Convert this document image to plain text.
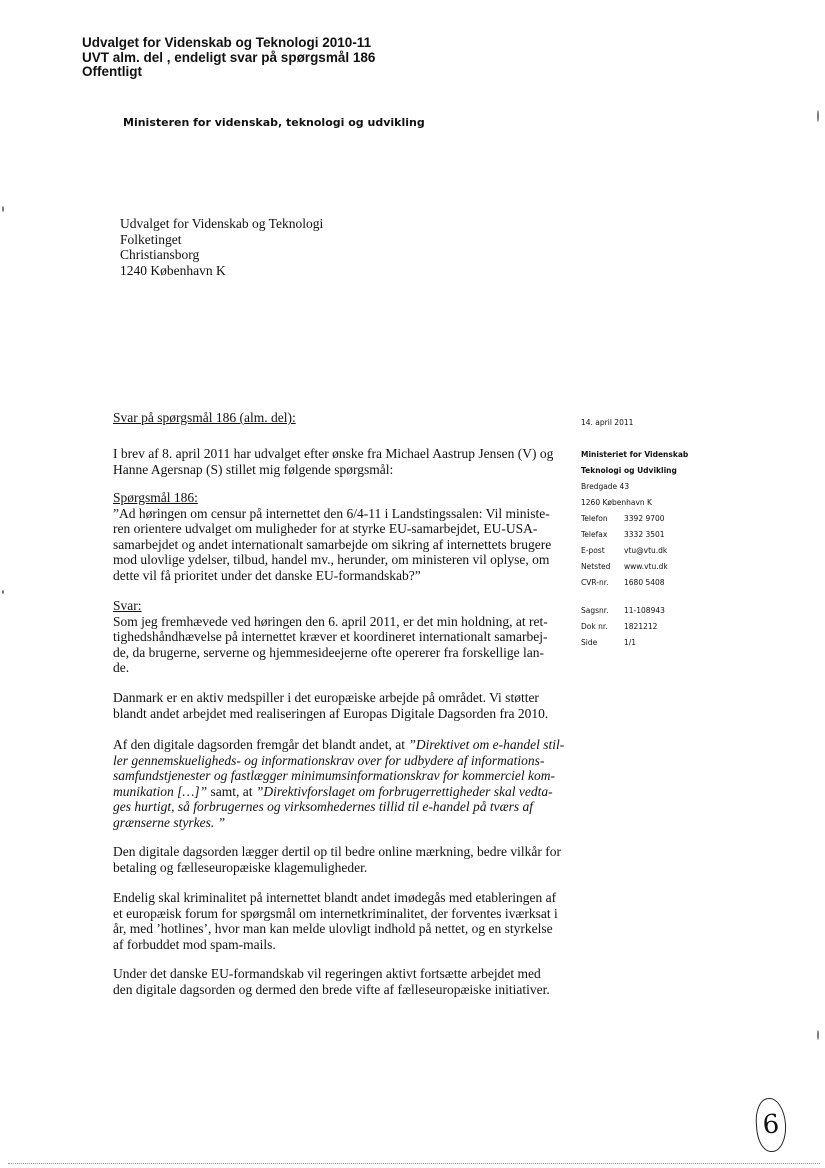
Udvalget for Videnskab og Teknologi 2010-11
UVT alm. del , endeligt svar på spørgsmål 186
Offentligt
Ministeren for videnskab, teknologi og udvikling
Udvalget for Videnskab og Teknologi
Folketinget
Christiansborg
1240 København K
Svar på spørgsmål 186 (alm. del):
I brev af 8. april 2011 har udvalget efter ønske fra Michael Aastrup Jensen (V) og
Hanne Agersnap (S) stillet mig følgende spørgsmål:
Spørgsmål 186:
”Ad høringen om censur på internettet den 6/4-11 i Landstingssalen: Vil ministe-
ren orientere udvalget om muligheder for at styrke EU-samarbejdet, EU-USA-
samarbejdet og andet internationalt samarbejde om sikring af internettets brugere
mod ulovlige ydelser, tilbud, handel mv., herunder, om ministeren vil oplyse, om
dette vil få prioritet under det danske EU-formandskab?”
Svar:
Som jeg fremhævede ved høringen den 6. april 2011, er det min holdning, at ret-
tighedshåndhævelse på internettet kræver et koordineret internationalt samarbej-
de, da brugerne, serverne og hjemmesideejerne ofte opererer fra forskellige lan-
de.
Danmark er en aktiv medspiller i det europæiske arbejde på området. Vi støtter
blandt andet arbejdet med realiseringen af Europas Digitale Dagsorden fra 2010.
Af den digitale dagsorden fremgår det blandt andet, at ”Direktivet om e-handel stil-
ler gennemskueligheds- og informationskrav over for udbydere af informations-
samfundstjenester og fastlægger minimumsinformationskrav for kommerciel kom-
munikation […]” samt, at ”Direktivforslaget om forbrugerrettigheder skal vedta-
ges hurtigt, så forbrugernes og virksomhedernes tillid til e-handel på tværs af
grænserne styrkes. ”
Den digitale dagsorden lægger dertil op til bedre online mærkning, bedre vilkår for
betaling og fælleseuropæiske klagemuligheder.
Endelig skal kriminalitet på internettet blandt andet imødegås med etableringen af
et europæisk forum for spørgsmål om internetkriminalitet, der forventes iværksat i
år, med ’hotlines’, hvor man kan melde ulovligt indhold på nettet, og en styrkelse
af forbuddet mod spam-mails.
Under det danske EU-formandskab vil regeringen aktivt fortsætte arbejdet med
den digitale dagsorden og dermed den brede vifte af fælleseuropæiske initiativer.
14. april 2011
Ministeriet for Videnskab
Teknologi og Udvikling
Bredgade 43
1260 København K
Telefon	3392 9700
Telefax	3332 3501
E-post	vtu@vtu.dk
Netsted	www.vtu.dk
CVR-nr.	1680 5408
Sagsnr.	11-108943
Dok nr.	1821212
Side	1/1
6
